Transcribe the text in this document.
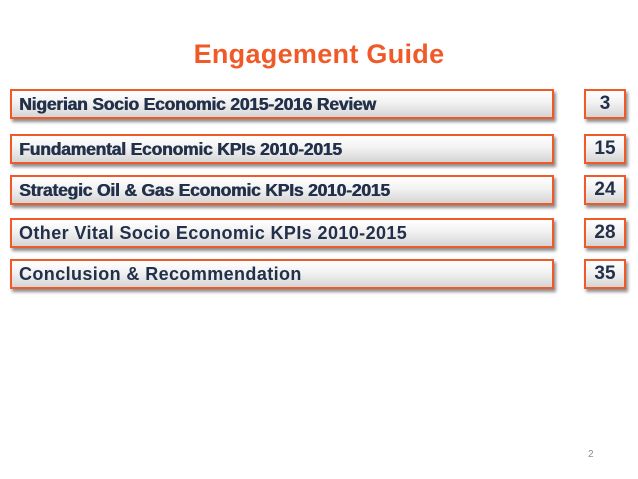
Engagement Guide
Nigerian Socio Economic 2015-2016 Review	3
Fundamental Economic KPIs 2010-2015	15
Strategic Oil & Gas Economic KPIs 2010-2015	24
Other Vital Socio Economic KPIs 2010-2015	28
Conclusion & Recommendation	35
2
